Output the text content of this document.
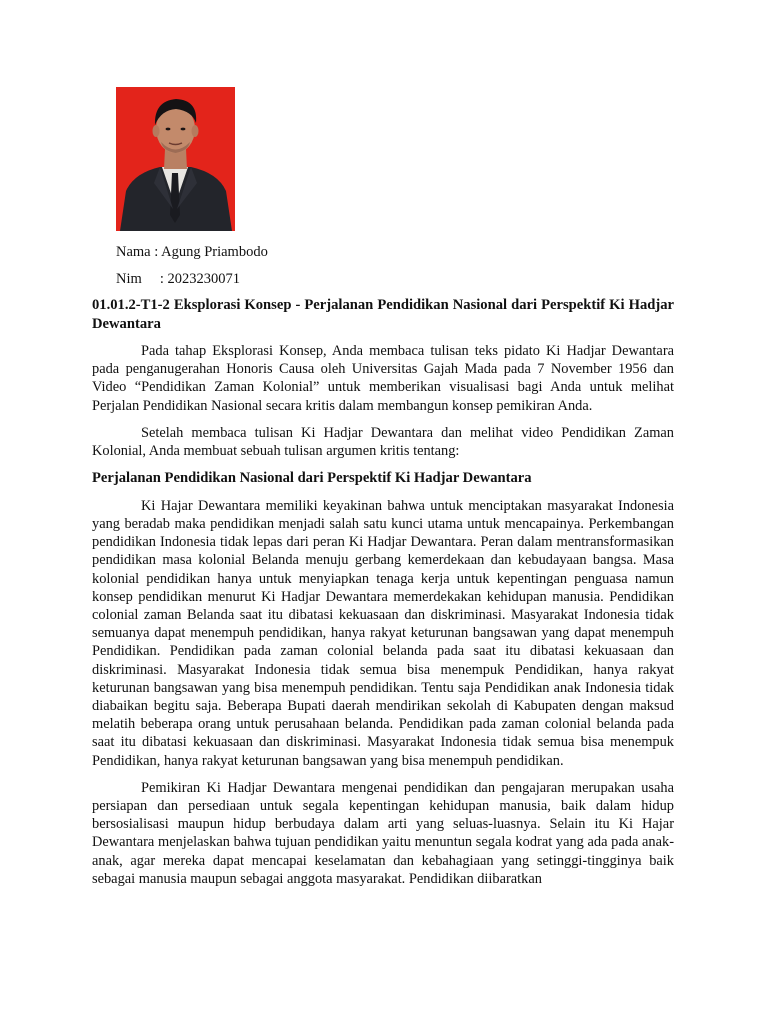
Nama : Agung Priambodo
Nim     : 2023230071
01.01.2-T1-2 Eksplorasi Konsep - Perjalanan Pendidikan Nasional dari Perspektif Ki Hadjar Dewantara

Pada tahap Eksplorasi Konsep, Anda membaca tulisan teks pidato Ki Hadjar Dewantara pada penganugerahan Honoris Causa oleh Universitas Gajah Mada pada 7 November 1956 dan Video “Pendidikan Zaman Kolonial” untuk memberikan visualisasi bagi Anda untuk melihat Perjalan Pendidikan Nasional secara kritis dalam membangun konsep pemikiran Anda.

Setelah membaca tulisan Ki Hadjar Dewantara dan melihat video Pendidikan Zaman Kolonial, Anda membuat sebuah tulisan argumen kritis tentang:

Perjalanan Pendidikan Nasional dari Perspektif Ki Hadjar Dewantara

Ki Hajar Dewantara memiliki keyakinan bahwa untuk menciptakan masyarakat Indonesia yang beradab maka pendidikan menjadi salah satu kunci utama untuk mencapainya. Perkembangan pendidikan Indonesia tidak lepas dari peran Ki Hadjar Dewantara. Peran dalam mentransformasikan pendidikan masa kolonial Belanda menuju gerbang kemerdekaan dan kebudayaan bangsa. Masa kolonial pendidikan hanya untuk menyiapkan tenaga kerja untuk kepentingan penguasa namun konsep pendidikan menurut Ki Hadjar Dewantara memerdekakan kehidupan manusia. Pendidikan colonial zaman Belanda saat itu dibatasi kekuasaan dan diskriminasi. Masyarakat Indonesia tidak semuanya dapat menempuh pendidikan, hanya rakyat keturunan bangsawan yang dapat menempuh Pendidikan. Pendidikan pada zaman colonial belanda pada saat itu dibatasi kekuasaan dan diskriminasi. Masyarakat Indonesia tidak semua bisa menempuk Pendidikan, hanya rakyat keturunan bangsawan yang bisa menempuh pendidikan. Tentu saja Pendidikan anak Indonesia tidak diabaikan begitu saja. Beberapa Bupati daerah mendirikan sekolah di Kabupaten dengan maksud melatih beberapa orang untuk perusahaan belanda. Pendidikan pada zaman colonial belanda pada saat itu dibatasi kekuasaan dan diskriminasi. Masyarakat Indonesia tidak semua bisa menempuk Pendidikan, hanya rakyat keturunan bangsawan yang bisa menempuh pendidikan.

Pemikiran Ki Hadjar Dewantara mengenai pendidikan dan pengajaran merupakan usaha persiapan dan persediaan untuk segala kepentingan kehidupan manusia, baik dalam hidup bersosialisasi maupun hidup berbudaya dalam arti yang seluas-luasnya. Selain itu Ki Hajar Dewantara menjelaskan bahwa tujuan pendidikan yaitu menuntun segala kodrat yang ada pada anak-anak, agar mereka dapat mencapai keselamatan dan kebahagiaan yang setinggi-tingginya baik sebagai manusia maupun sebagai anggota masyarakat. Pendidikan diibaratkan
